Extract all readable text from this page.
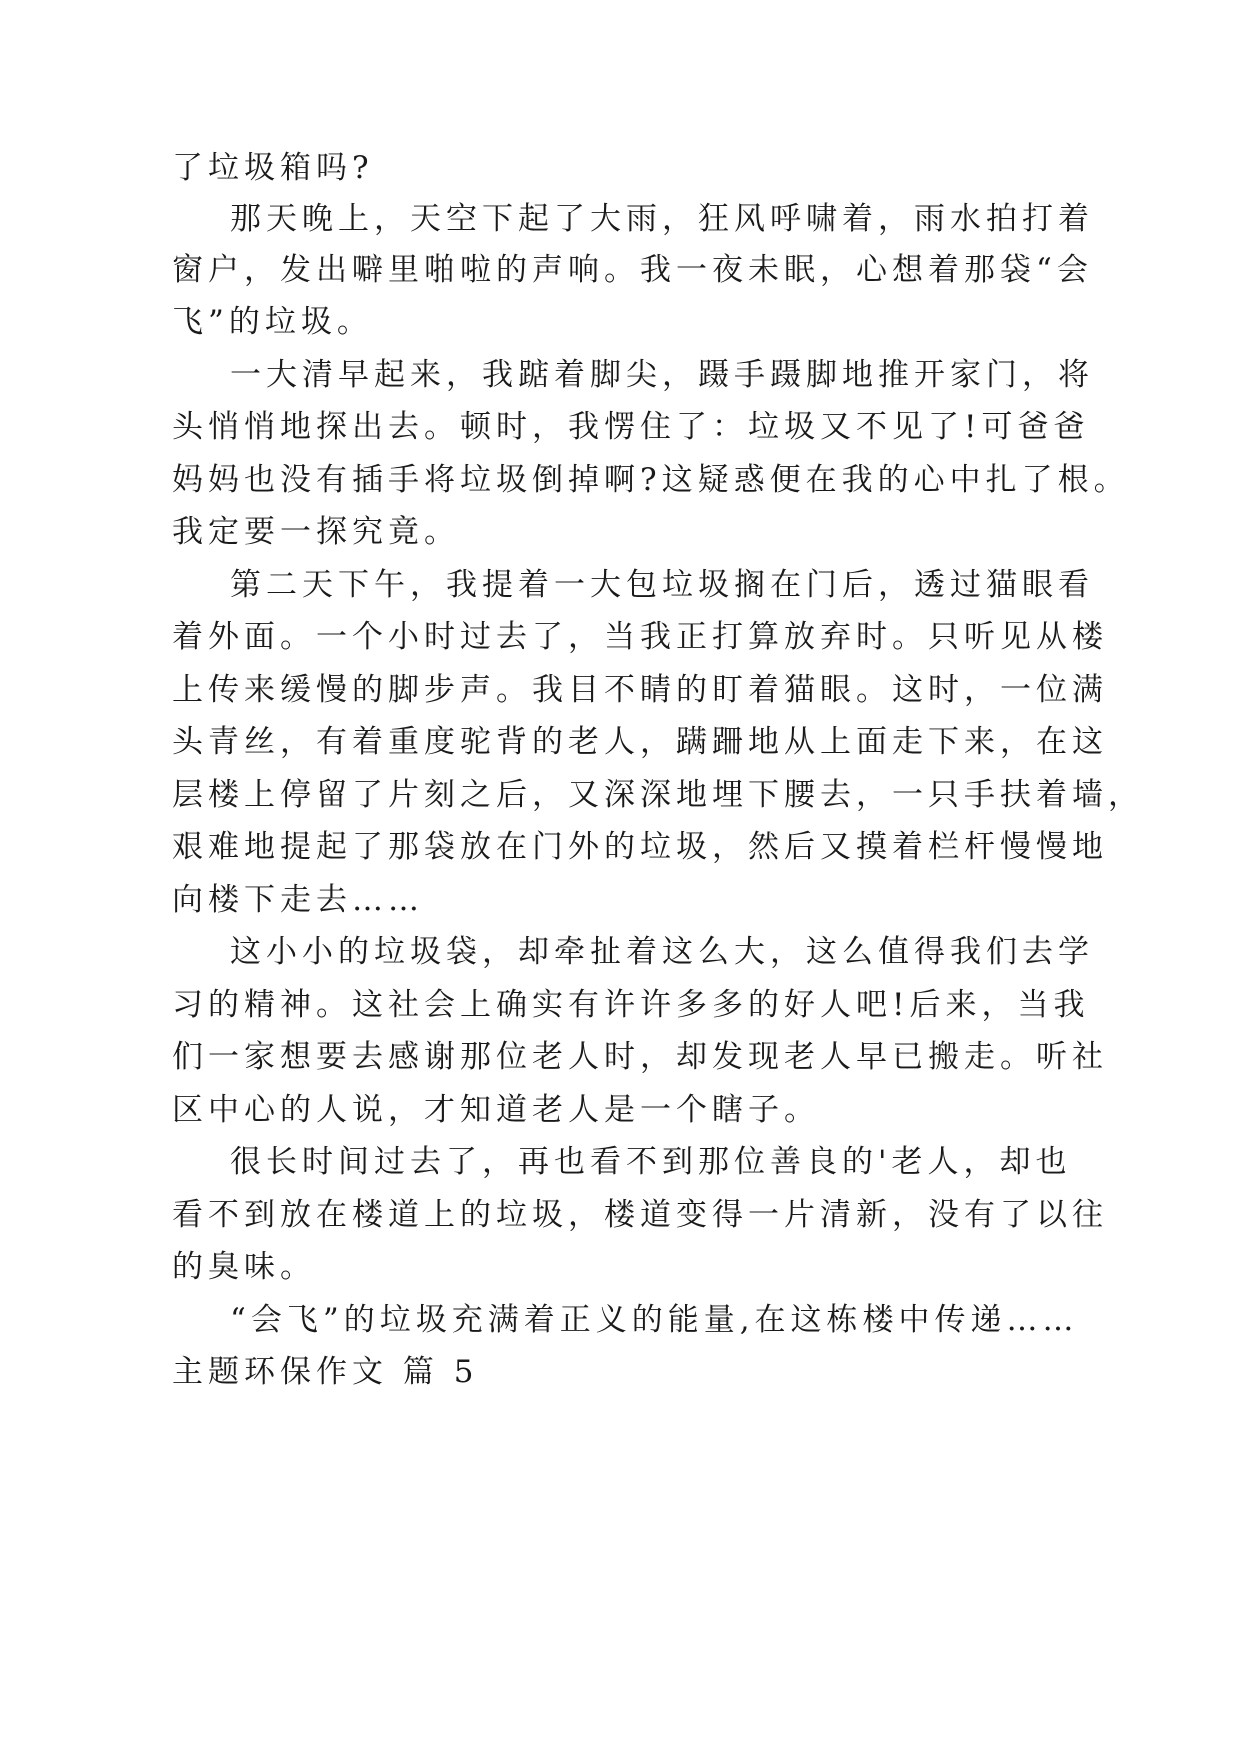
了垃圾箱吗?
那天晚上，天空下起了大雨，狂风呼啸着，雨水拍打着
窗户，发出噼里啪啦的声响。我一夜未眠，心想着那袋“会
飞”的垃圾。
一大清早起来，我踮着脚尖，蹑手蹑脚地推开家门，将
头悄悄地探出去。顿时，我愣住了：垃圾又不见了!可爸爸
妈妈也没有插手将垃圾倒掉啊?这疑惑便在我的心中扎了根。
我定要一探究竟。
第二天下午，我提着一大包垃圾搁在门后，透过猫眼看
着外面。一个小时过去了，当我正打算放弃时。只听见从楼
上传来缓慢的脚步声。我目不睛的盯着猫眼。这时，一位满
头青丝，有着重度驼背的老人，蹒跚地从上面走下来，在这
层楼上停留了片刻之后，又深深地埋下腰去，一只手扶着墙，
艰难地提起了那袋放在门外的垃圾，然后又摸着栏杆慢慢地
向楼下走去……
这小小的垃圾袋，却牵扯着这么大，这么值得我们去学
习的精神。这社会上确实有许许多多的好人吧!后来，当我
们一家想要去感谢那位老人时，却发现老人早已搬走。听社
区中心的人说，才知道老人是一个瞎子。
很长时间过去了，再也看不到那位善良的'老人，却也
看不到放在楼道上的垃圾，楼道变得一片清新，没有了以往
的臭味。
“会飞”的垃圾充满着正义的能量,在这栋楼中传递……
主题环保作文 篇 5
